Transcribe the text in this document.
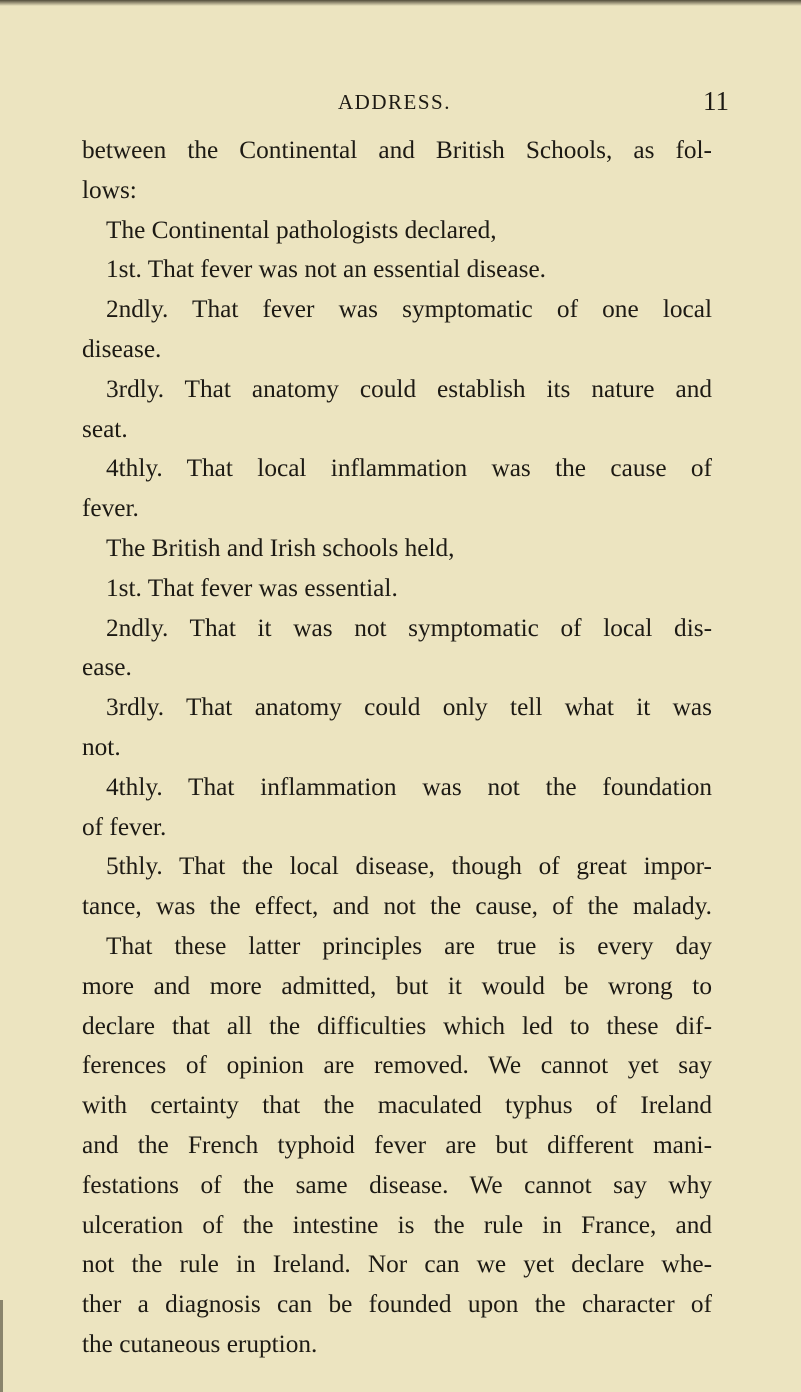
ADDRESS.	11
between the Continental and British Schools, as fol-
lows:
The Continental pathologists declared,
1st. That fever was not an essential disease.
2ndly. That fever was symptomatic of one local
disease.
3rdly. That anatomy could establish its nature and
seat.
4thly. That local inflammation was the cause of
fever.
The British and Irish schools held,
1st. That fever was essential.
2ndly. That it was not symptomatic of local dis-
ease.
3rdly. That anatomy could only tell what it was
not.
4thly. That inflammation was not the foundation
of fever.
5thly. That the local disease, though of great impor-
tance, was the effect, and not the cause, of the malady.
That these latter principles are true is every day
more and more admitted, but it would be wrong to
declare that all the difficulties which led to these dif-
ferences of opinion are removed. We cannot yet say
with certainty that the maculated typhus of Ireland
and the French typhoid fever are but different mani-
festations of the same disease. We cannot say why
ulceration of the intestine is the rule in France, and
not the rule in Ireland. Nor can we yet declare whe-
ther a diagnosis can be founded upon the character of
the cutaneous eruption.
